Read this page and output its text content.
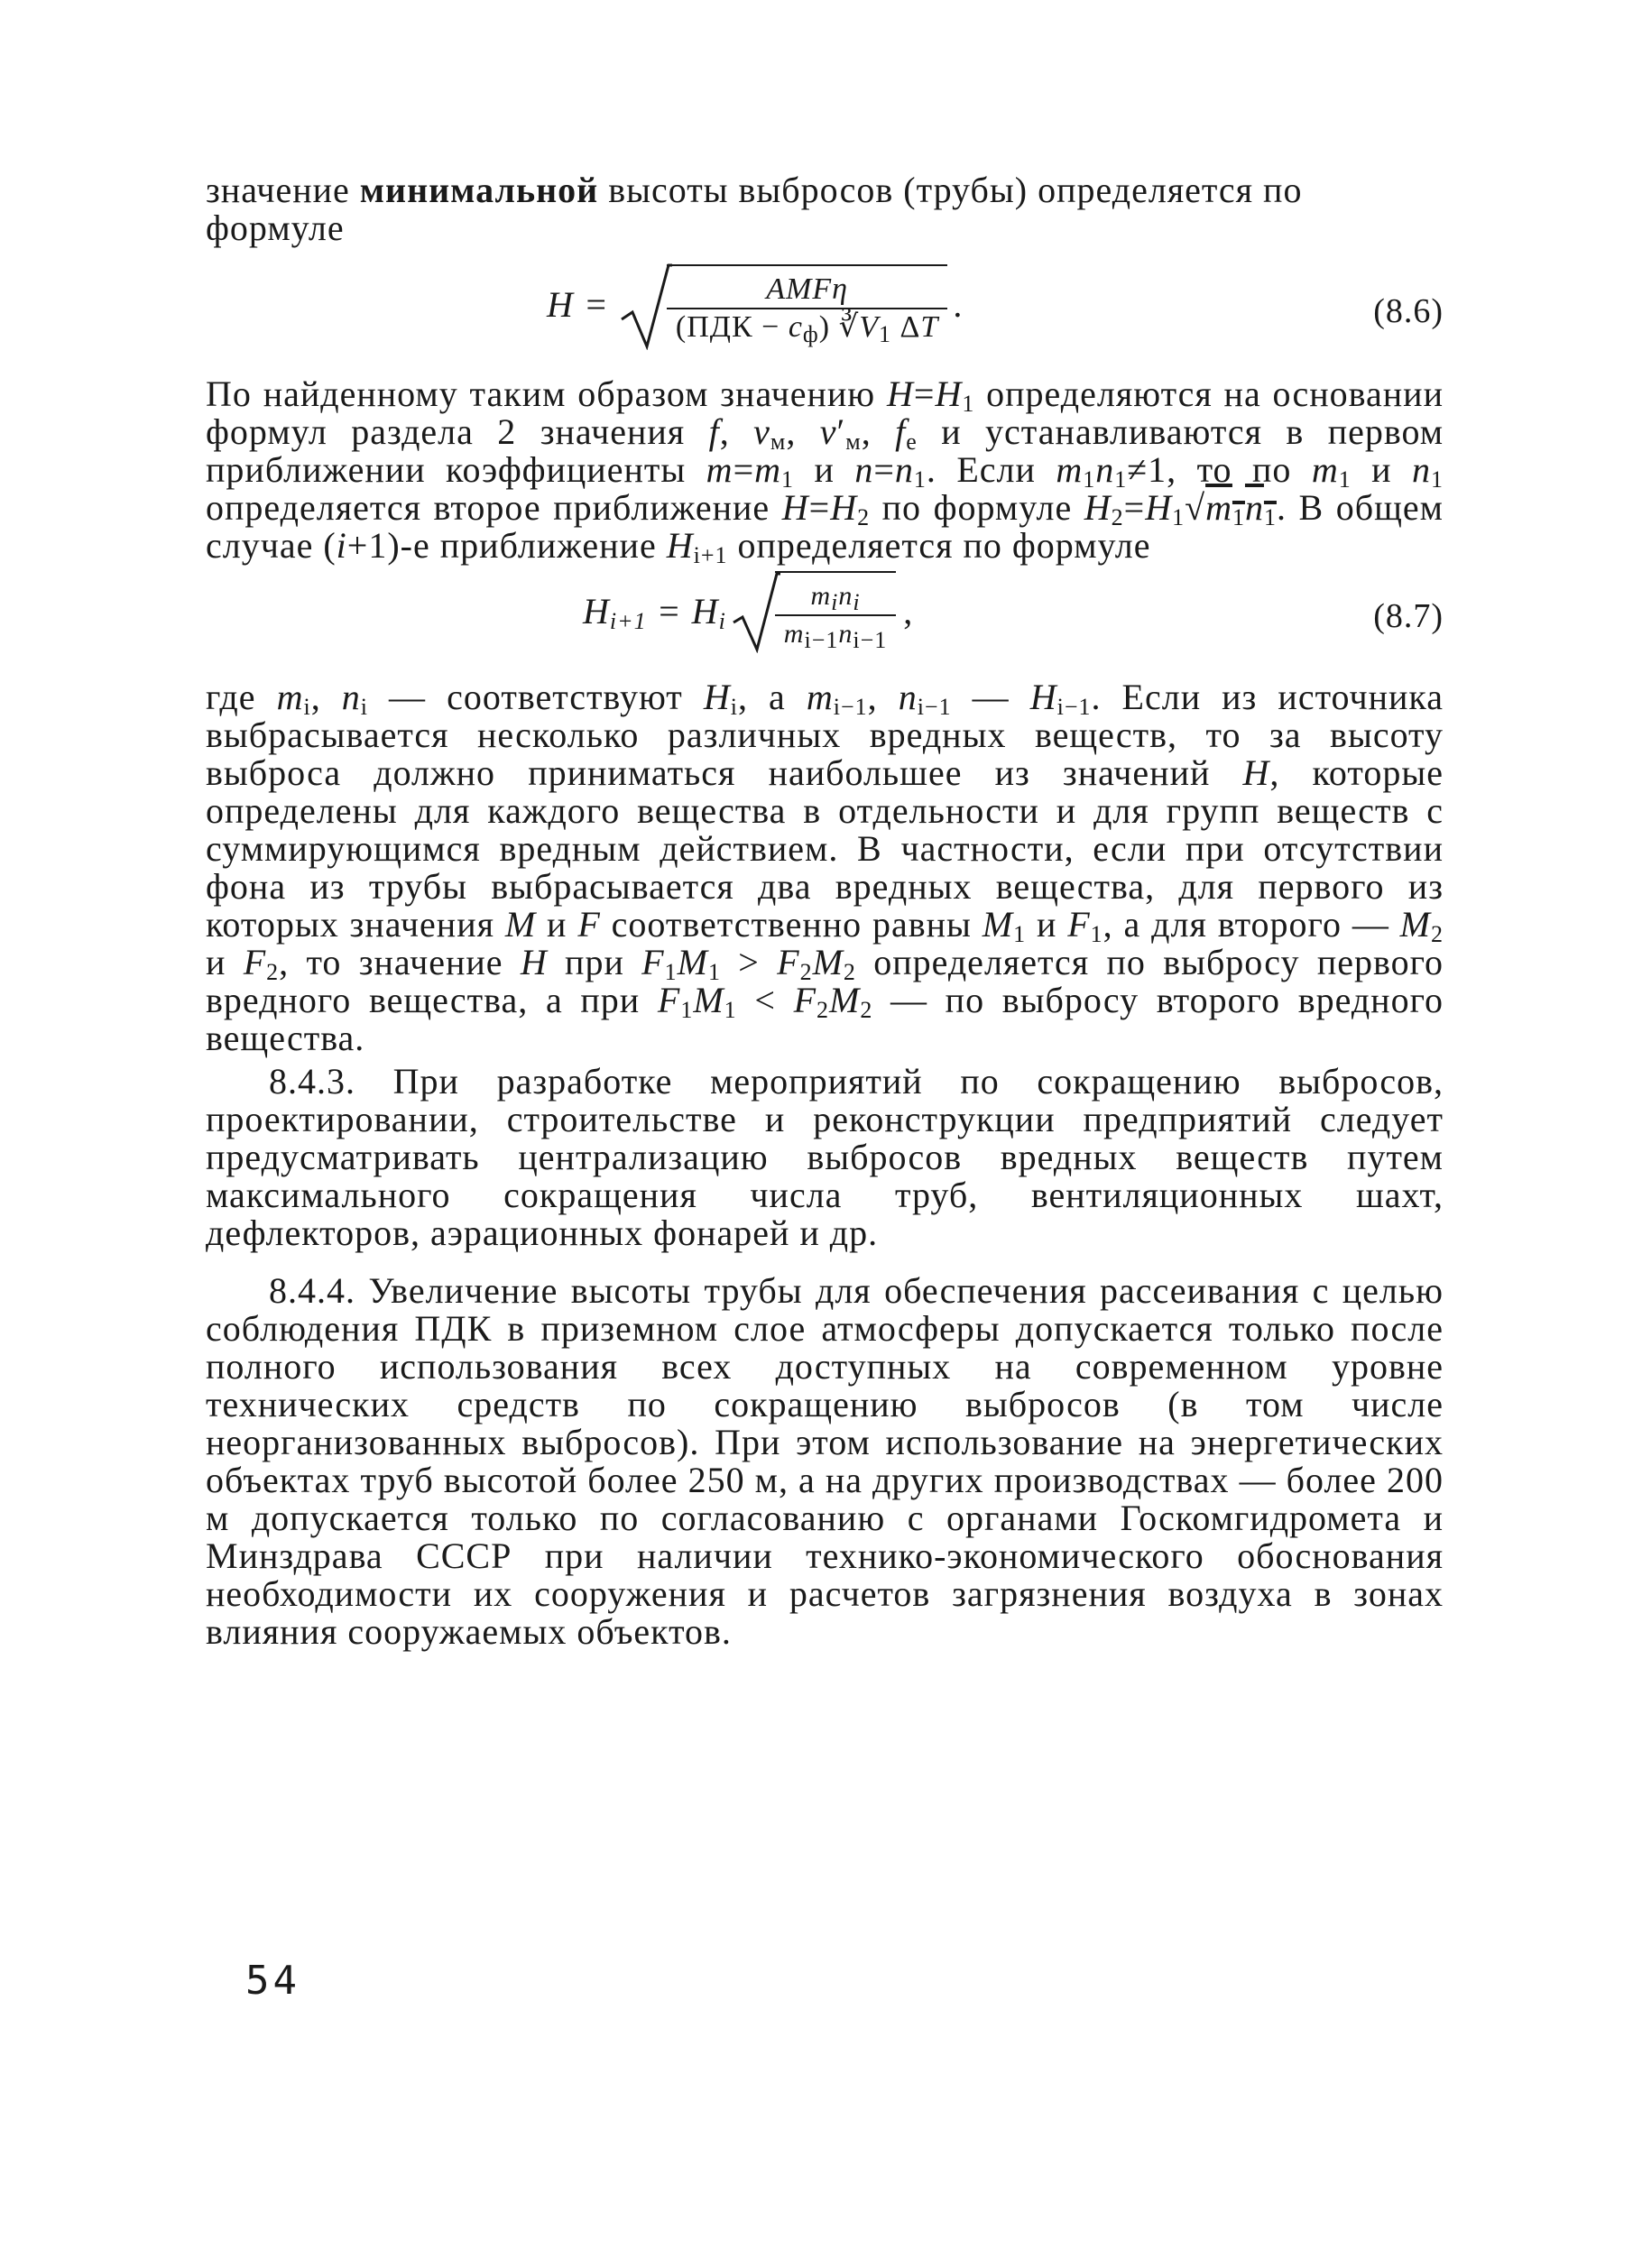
значение минимальной высоты выбросов (трубы) определяется по формуле

$H = \frac{\text{AMFη}}{(ПДК - c_ф) ∛V_1 \Delta T}$ .	(8.6)

По найденному таким образом значению $H=H_1$ определяются на основании формул раздела 2 значения f, $v_м$, $v'_м$, $f_e$ и устанавливаются в первом приближении коэффициенты $m=m_1$ и $n=n_1$. Если $m_1n_1\ne 1$, то по $m_1$ и $n_1$ определяется второе приближение $H=H_2$ по формуле $H_2=H_1√m_1n_1$. В общем случае (i+1)-е приближение $H_{i+1}$ определяется по формуле

$H_{i+1} = H_i \frac{m_in_i}{m_{i-1}n_{i-1}}$ ,	(8.7)

где $m_i$, $n_i$ — соответствуют $H_i$, а $m_{i-1}$, $n_{i-1}$ — $H_{i-1}$. Если из источника выбрасывается несколько различных вредных веществ, то за высоту выброса должно приниматься наибольшее из значений H, которые определены для каждого вещества в отдельности и для групп веществ с суммирующимся вредным действием. В частности, если при отсутствии фона из трубы выбрасывается два вредных вещества, для первого из которых значения M и F соответственно равны $M_1$ и $F_1$, а для второго — $M_2$ и $F_2$, то значение H при $F_1M_1 > F_2M_2$ определяется по выбросу первого вредного вещества, а при $F_1M_1 < F_2M_2$ — по выбросу второго вредного вещества.

8.4.3. При разработке мероприятий по сокращению выбросов, проектировании, строительстве и реконструкции предприятий следует предусматривать централизацию выбросов вредных веществ путем максимального сокращения числа труб, вентиляционных шахт, дефлекторов, аэрационных фонарей и др.

8.4.4. Увеличение высоты трубы для обеспечения рассеивания с целью соблюдения ПДК в приземном слое атмосферы допускается только после полного использования всех доступных на современном уровне технических средств по сокращению выбросов (в том числе неорганизованных выбросов). При этом использование на энергетических объектах труб высотой более 250 м, а на других производствах — более 200 м допускается только по согласованию с органами Госкомгидромета и Минздрава СССР при наличии технико-экономического обоснования необходимости их сооружения и расчетов загрязнения воздуха в зонах влияния сооружаемых объектов.

54
